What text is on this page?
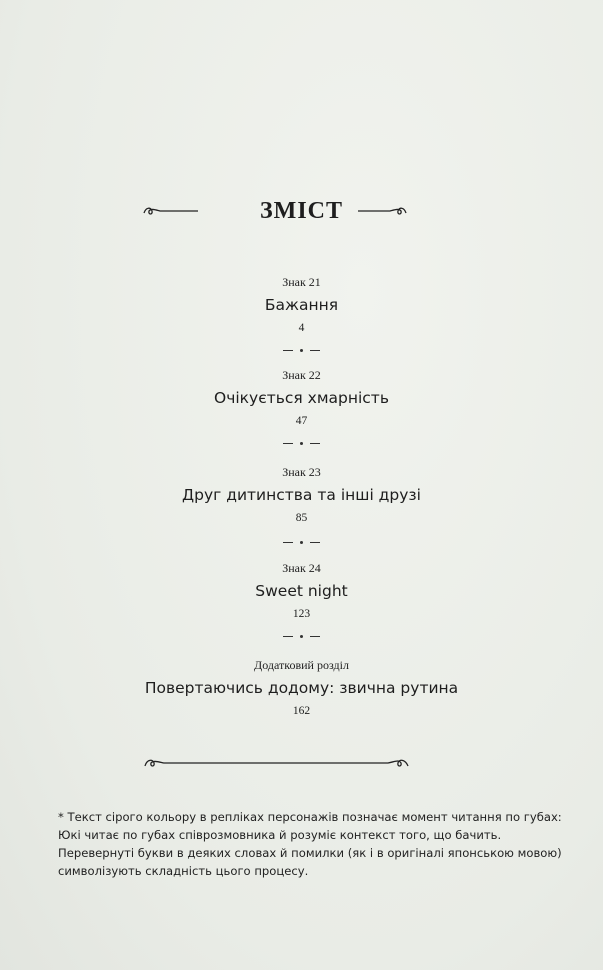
ЗМІСТ
Знак 21
Бажання
4
Знак 22
Очікується хмарність
47
Знак 23
Друг дитинства та інші друзі
85
Знак 24
Sweet night
123
Додатковий розділ
Повертаючись додому: звична рутина
162
* Текст сірого кольору в репліках персонажів позначає момент читання по губах:
Юкі читає по губах співрозмовника й розуміє контекст того, що бачить.
Перевернуті букви в деяких словах й помилки (як і в оригіналі японською мовою)
символізують складність цього процесу.
